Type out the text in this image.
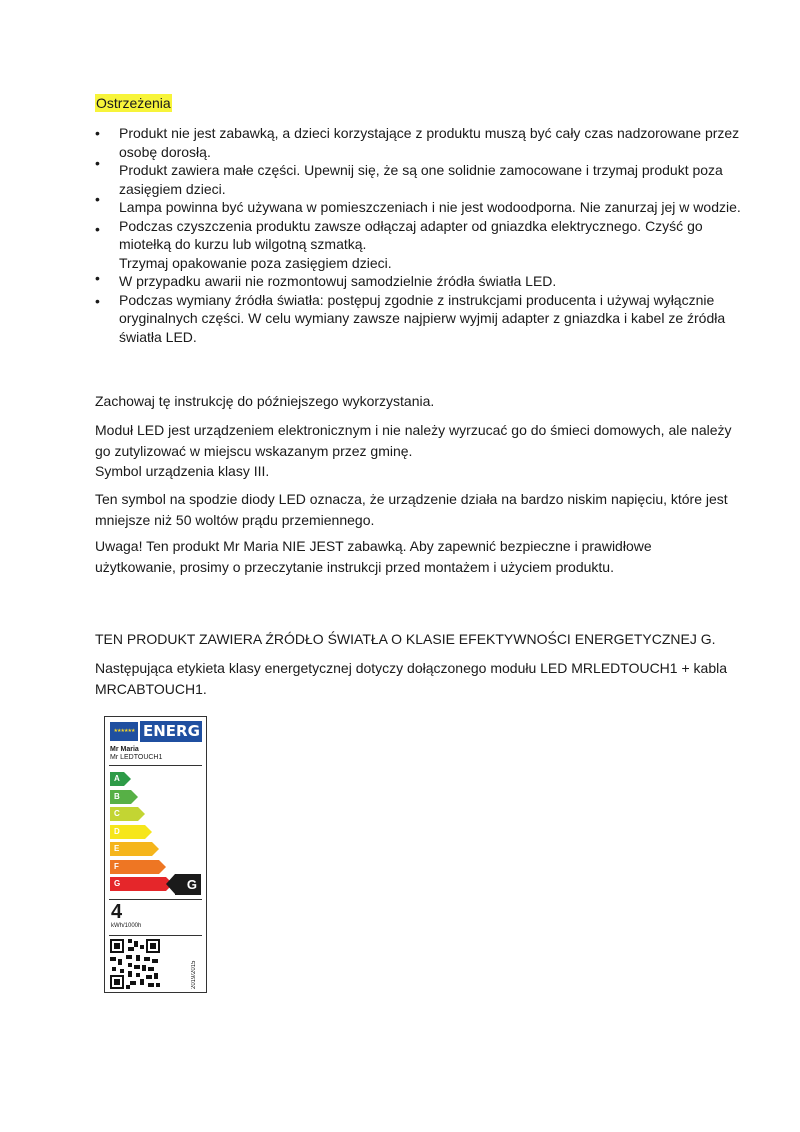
Ostrzeżenia
•
•
•
•
•
•

Produkt nie jest zabawką, a dzieci korzystające z produktu muszą być cały czas nadzorowane przez osobę dorosłą.

Produkt zawiera małe części. Upewnij się, że są one solidnie zamocowane i trzymaj produkt poza zasięgiem dzieci.

Lampa powinna być używana w pomieszczeniach i nie jest wodoodporna. Nie zanurzaj jej w wodzie.

Podczas czyszczenia produktu zawsze odłączaj adapter od gniazdka elektrycznego. Czyść go miotełką do kurzu lub wilgotną szmatką.

Trzymaj opakowanie poza zasięgiem dzieci.

W przypadku awarii nie rozmontowuj samodzielnie źródła światła LED.

Podczas wymiany źródła światła: postępuj zgodnie z instrukcjami producenta i używaj wyłącznie oryginalnych części. W celu wymiany zawsze najpierw wyjmij adapter z gniazdka i kabel ze źródła światła LED.

Zachowaj tę instrukcję do późniejszego wykorzystania.

Moduł LED jest urządzeniem elektronicznym i nie należy wyrzucać go do śmieci domowych, ale należy go zutylizować w miejscu wskazanym przez gminę.

Symbol urządzenia klasy III.

Ten symbol na spodzie diody LED oznacza, że urządzenie działa na bardzo niskim napięciu, które jest mniejsze niż 50 woltów prądu przemiennego.

Uwaga! Ten produkt Mr Maria NIE JEST zabawką. Aby zapewnić bezpieczne i prawidłowe użytkowanie, prosimy o przeczytanie instrukcji przed montażem i użyciem produktu.

TEN PRODUKT ZAWIERA ŹRÓDŁO ŚWIATŁA O KLASIE EFEKTYWNOŚCI ENERGETYCZNEJ G.

Następująca etykieta klasy energetycznej dotyczy dołączonego modułu LED MRLEDTOUCH1 + kabla MRCABTOUCH1.

★★★★★★ ENERG
Mr Maria
Mr LEDTOUCH1
A
B
C
D
E
F
G	G
4
kWh/1000h
2019/2015
